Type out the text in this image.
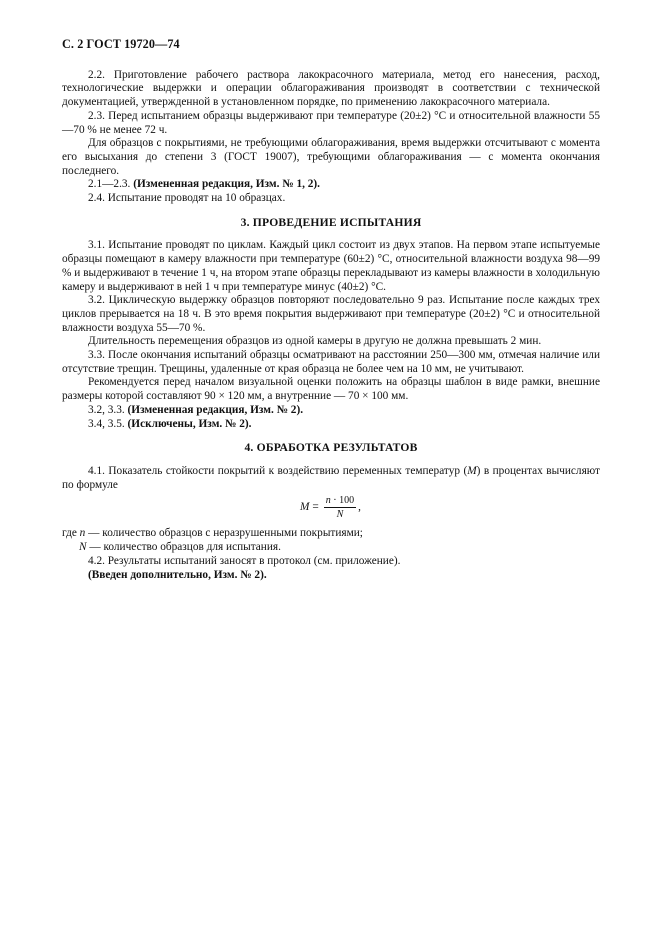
С. 2 ГОСТ 19720—74

2.2. Приготовление рабочего раствора лакокрасочного материала, метод его нанесения, расход, технологические выдержки и операции облагораживания производят в соответствии с технической документацией, утвержденной в установленном порядке, по применению лакокрасочного материала.

2.3. Перед испытанием образцы выдерживают при температуре (20±2) °С и относительной влажности 55—70 % не менее 72 ч.

Для образцов с покрытиями, не требующими облагораживания, время выдержки отсчитывают с момента его высыхания до степени 3 (ГОСТ 19007), требующими облагораживания — с момента окончания последнего.

2.1—2.3. (Измененная редакция, Изм. № 1, 2).

2.4. Испытание проводят на 10 образцах.

3. ПРОВЕДЕНИЕ ИСПЫТАНИЯ

3.1. Испытание проводят по циклам. Каждый цикл состоит из двух этапов. На первом этапе испытуемые образцы помещают в камеру влажности при температуре (60±2) °С, относительной влажности воздуха 98—99 % и выдерживают в течение 1 ч, на втором этапе образцы перекладывают из камеры влажности в холодильную камеру и выдерживают в ней 1 ч при температуре минус (40±2) °С.

3.2. Циклическую выдержку образцов повторяют последовательно 9 раз. Испытание после каждых трех циклов прерывается на 18 ч. В это время покрытия выдерживают при температуре (20±2) °С и относительной влажности воздуха 55—70 %.

Длительность перемещения образцов из одной камеры в другую не должна превышать 2 мин.

3.3. После окончания испытаний образцы осматривают на расстоянии 250—300 мм, отмечая наличие или отсутствие трещин. Трещины, удаленные от края образца не более чем на 10 мм, не учитывают.

Рекомендуется перед началом визуальной оценки положить на образцы шаблон в виде рамки, внешние размеры которой составляют 90 × 120 мм, а внутренние — 70 × 100 мм.

3.2, 3.3. (Измененная редакция, Изм. № 2).

3.4, 3.5. (Исключены, Изм. № 2).

4. ОБРАБОТКА РЕЗУЛЬТАТОВ

4.1. Показатель стойкости покрытий к воздействию переменных температур (М) в процентах вычисляют по формуле

$M = \frac{n \cdot 100}{N}$ ,

где n — количество образцов с неразрушенными покрытиями;

N — количество образцов для испытания.

4.2. Результаты испытаний заносят в протокол (см. приложение).

(Введен дополнительно, Изм. № 2).
